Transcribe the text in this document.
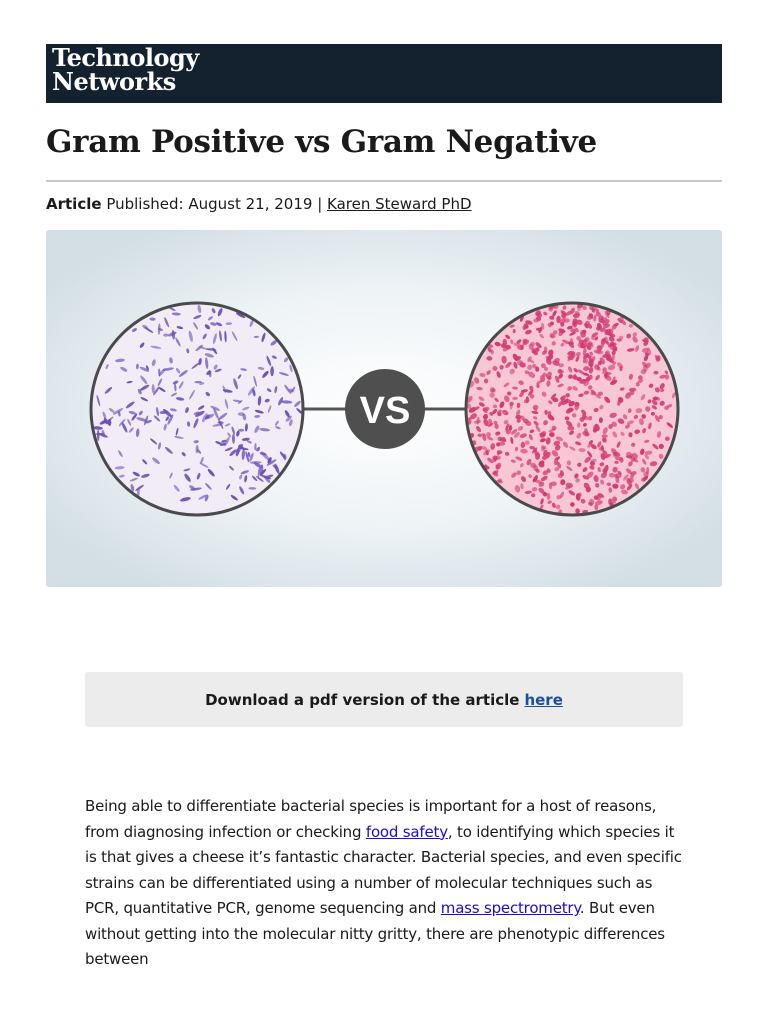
Technology
Networks
Gram Positive vs Gram Negative
Article Published: August 21, 2019 | Karen Steward PhD
VS
Download a pdf version of the article here

Being able to differentiate bacterial species is important for a host of reasons, from diagnosing infection or checking food safety, to identifying which species it is that gives a cheese it’s fantastic character. Bacterial species, and even specific strains can be differentiated using a number of molecular techniques such as PCR, quantitative PCR, genome sequencing and mass spectrometry. But even without getting into the molecular nitty gritty, there are phenotypic differences between
